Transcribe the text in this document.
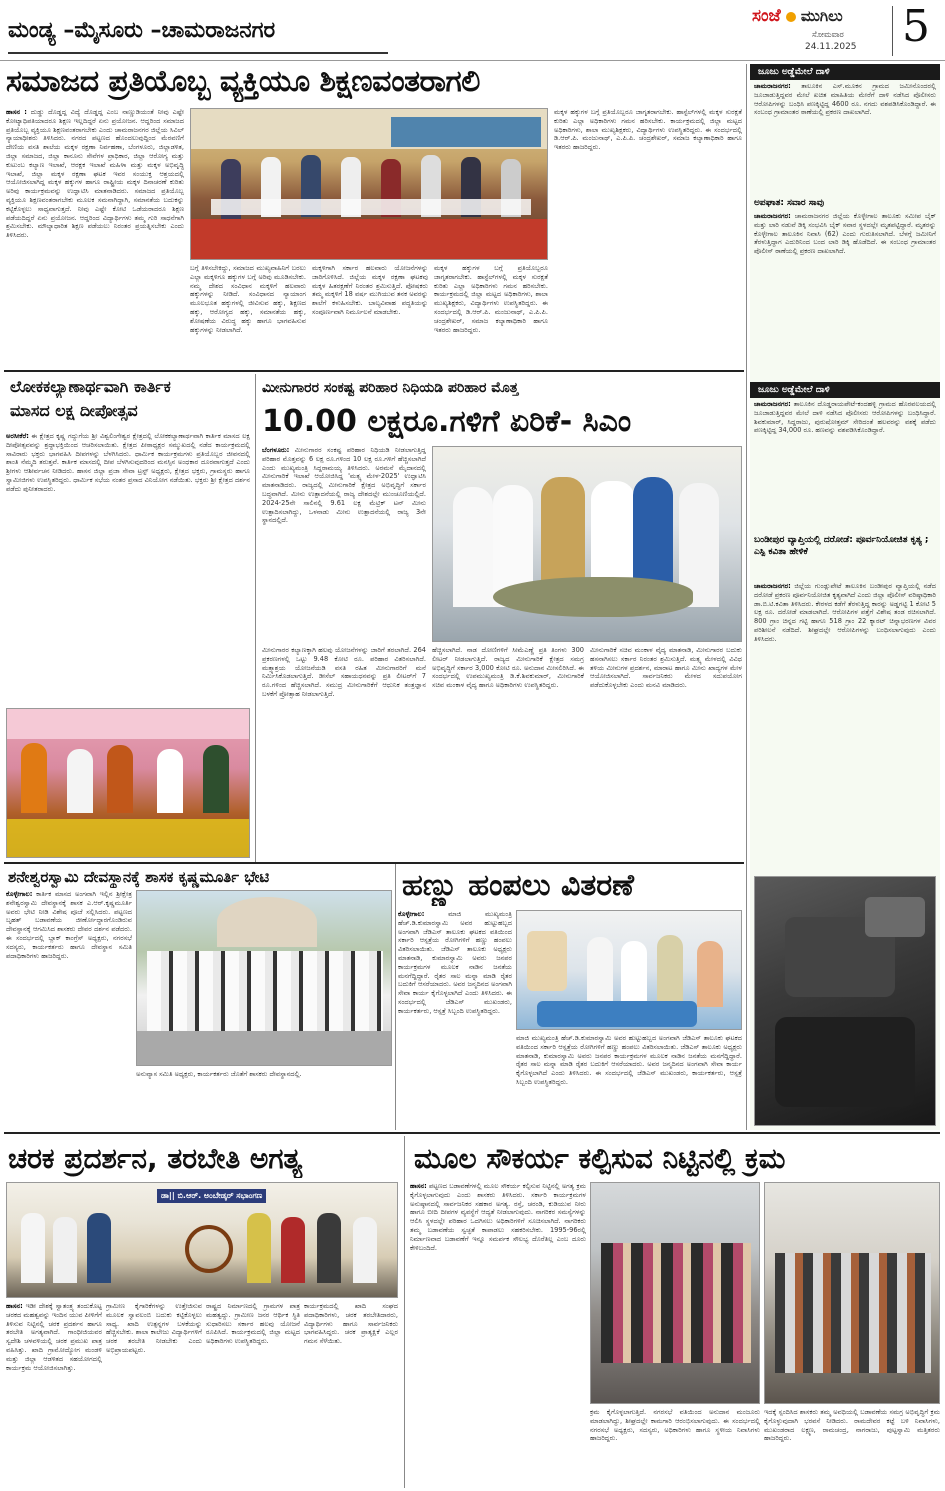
ಮಂಡ್ಯ –ಮೈಸೂರು –ಚಾಮರಾಜನಗರ
ಸಂಜೆ ಮುಗಿಲು
ಸೋಮವಾರ
24.11.2025 5
ಸಮಾಜದ ಪ್ರತಿಯೊಬ್ಬ ವ್ಯಕ್ತಿಯೂ ಶಿಕ್ಷಣವಂತರಾಗಲಿ
ಹಾಸನ : ದುಡ್ಡು ದೊಡ್ಡದ್ದ ವಿದ್ಯೆ ದೊಡ್ಡದ್ದ ಎಂಬ ನಾಣ್ಣುಡಿಯಂತೆ ನೀವು ಎಷ್ಟೇ ಕೋಟ್ಯಾಧಿಪತಿಯಾದರೂ ಶಿಕ್ಷಣ ಇಲ್ಲದಿದ್ದರೆ ಏನು ಪ್ರಯೋಜನ. ಆದ್ದರಿಂದ ಸಮಾಜದ ಪ್ರತಿಯೊಬ್ಬ ವ್ಯಕ್ತಿಯೂ ಶಿಕ್ಷಣವಂತರಾಗಬೇಕು ಎಂದು ಚಾಮರಾಜನಗರ ಜಿಲ್ಲೆಯ ಸಿವಿಲ್ ನ್ಯಾಯಾಧೀಶರು ತಿಳಿಸಿದರು. ನಗರದ ಪಟ್ಟಣದ ಹೊಂದಲುವುದ್ದಿಂದ ಮೆರವಣಿಗೆ ದೇಣಿಯ ವಸತಿ ಶಾಲೆಯ ಮಕ್ಕಳ ರಕ್ಷಣಾ ನಿರ್ವಹಣಾ, ಬೆಂಗಳೂರು, ಜಿಲ್ಲಾಡಳಿತ, ಜಿಲ್ಲಾ ಸಮಾಜದ, ಜಿಲ್ಲಾ ಕಾನೂನು ಸೇವೆಗಳ ಪ್ರಾಧಿಕಾರ, ಜಿಲ್ಲಾ ಆರೋಗ್ಯ ಮತ್ತು ಕುಟುಂಬ ಕಲ್ಯಾಣ ಇಲಾಖೆ, ಆರಕ್ಷಕ ಇಲಾಖೆ ಮಹಿಳಾ ಮತ್ತು ಮಕ್ಕಳ ಅಭಿವೃದ್ಧಿ ಇಲಾಖೆ, ಜಿಲ್ಲಾ ಮಕ್ಕಳ ರಕ್ಷಣಾ ಘಟಕ ಇವರ ಸಂಯುಕ್ತ ಆಶ್ರಯದಲ್ಲಿ ಆಯೋಜಿಸಲಾಗಿದ್ದ ಮಕ್ಕಳ ಹಕ್ಕುಗಳ ಹಾಗೂ ರಾಷ್ಟ್ರೀಯ ಮಕ್ಕಳ ದಿನಾಚರಣೆ ಕುರಿತು ಅರಿವು ಕಾರ್ಯಕ್ರಮವನ್ನು ಉದ್ಘಾಟಿಸಿ ಮಾತನಾಡಿದರು. ಸಮಾಜದ ಪ್ರತಿಯೊಬ್ಬ ವ್ಯಕ್ತಿಯೂ ಶಿಕ್ಷಣವಂತರಾಗಬೇಕು ಮೂಲಕ ಸಮನಾಗಿದ್ದಾಗಿ, ಸಮಾನತೆಯ ಬದುಕನ್ನು ಕಟ್ಟಿಕೊಳ್ಳಲು ಸಾಧ್ಯವಾಗುತ್ತದೆ. ನೀವು ಎಷ್ಟೇ ಕೋಟಿ ಒಡೆಯರಾದರೂ ಶಿಕ್ಷಣ ಪಡೆಯದಿದ್ದರೆ ಏನು ಪ್ರಯೋಜನ. ಆದ್ದರಿಂದ ವಿದ್ಯಾರ್ಥಿಗಳು ತಮ್ಮ ಗುರಿ ಸಾಧನೆಗಾಗಿ ಶ್ರಮಿಸಬೇಕು. ಮೌಲ್ಯಾಧಾರಿತ ಶಿಕ್ಷಣ ಪಡೆಯಲು ನಿರಂತರ ಪ್ರಯತ್ನಿಸಬೇಕು ಎಂದು ತಿಳಿಸಿದರು.
ಬಗ್ಗೆ ತಿಳಿಸಬೇಕಿದ್ದು, ಸಮಾಜದ ಮುಖ್ಯವಾಹಿನಿಗೆ ಬರಲು ಎಲ್ಲಾ ಮಕ್ಕಳಿಗೂ ಹಕ್ಕುಗಳ ಬಗ್ಗೆ ಅರಿವು ಮೂಡಿಸಬೇಕು. ನಮ್ಮ ದೇಶದ ಸಂವಿಧಾನ ಮಕ್ಕಳಿಗೆ ಹಲವಾರು ಹಕ್ಕುಗಳನ್ನು ನೀಡಿದೆ. ಸಂವಿಧಾನದ ನ್ಯಾಯಾಂಗ ಮೂಲಭೂತ ಹಕ್ಕುಗಳಲ್ಲಿ ಜೀವಿಸುವ ಹಕ್ಕು, ಶಿಕ್ಷಣದ ಹಕ್ಕು, ಆರೋಗ್ಯದ ಹಕ್ಕು, ಸಮಾನತೆಯ ಹಕ್ಕು, ಶೋಷಣೆಯ ವಿರುದ್ಧ ಹಕ್ಕು ಹಾಗೂ ಭಾಗವಹಿಸುವ ಹಕ್ಕುಗಳನ್ನು ನೀಡಲಾಗಿದೆ.
ಮಕ್ಕಳಿಗಾಗಿ ಸರ್ಕಾರ ಹಲವಾರು ಯೋಜನೆಗಳನ್ನು ಜಾರಿಗೊಳಿಸಿದೆ. ಜಿಲ್ಲೆಯ ಮಕ್ಕಳ ರಕ್ಷಣಾ ಘಟಕವು ಮಕ್ಕಳ ಹಿತರಕ್ಷಣೆಗೆ ನಿರಂತರ ಶ್ರಮಿಸುತ್ತಿದೆ. ಪೋಷಕರು ತಮ್ಮ ಮಕ್ಕಳಿಗೆ 18 ವರ್ಷ ಮುಗಿಯುವ ತನಕ ಅವರನ್ನು ಶಾಲೆಗೆ ಕಳುಹಿಸಬೇಕು. ಬಾಲ್ಯವಿವಾಹ ಪದ್ಧತಿಯನ್ನು ಸಂಪೂರ್ಣವಾಗಿ ನಿರ್ಮೂಲನೆ ಮಾಡಬೇಕು.
ಮಕ್ಕಳ ಹಕ್ಕುಗಳ ಬಗ್ಗೆ ಪ್ರತಿಯೊಬ್ಬರೂ ಜಾಗೃತರಾಗಬೇಕು. ಹಾಸ್ಟೆಲ್‌ಗಳಲ್ಲಿ ಮಕ್ಕಳ ಸುರಕ್ಷತೆ ಕುರಿತು ಎಲ್ಲಾ ಅಧಿಕಾರಿಗಳು ಗಮನ ಹರಿಸಬೇಕು. ಕಾರ್ಯಕ್ರಮದಲ್ಲಿ ಜಿಲ್ಲಾ ಮಟ್ಟದ ಅಧಿಕಾರಿಗಳು, ಶಾಲಾ ಮುಖ್ಯಶಿಕ್ಷಕರು, ವಿದ್ಯಾರ್ಥಿಗಳು ಉಪಸ್ಥಿತರಿದ್ದರು. ಈ ಸಂದರ್ಭದಲ್ಲಿ ಡಿ.ಆರ್.ಪಿ. ಮಂಜುನಾಥ್, ಎ.ಪಿ.ಪಿ. ಚಂದ್ರಶೇಖರ್, ಸಮಾಜ ಕಲ್ಯಾಣಾಧಿಕಾರಿ ಹಾಗೂ ಇತರರು ಹಾಜರಿದ್ದರು.
ಮಕ್ಕಳ ಹಕ್ಕುಗಳ ಬಗ್ಗೆ ಪ್ರತಿಯೊಬ್ಬರೂ ಜಾಗೃತರಾಗಬೇಕು. ಹಾಸ್ಟೆಲ್‌ಗಳಲ್ಲಿ ಮಕ್ಕಳ ಸುರಕ್ಷತೆ ಕುರಿತು ಎಲ್ಲಾ ಅಧಿಕಾರಿಗಳು ಗಮನ ಹರಿಸಬೇಕು. ಕಾರ್ಯಕ್ರಮದಲ್ಲಿ ಜಿಲ್ಲಾ ಮಟ್ಟದ ಅಧಿಕಾರಿಗಳು, ಶಾಲಾ ಮುಖ್ಯಶಿಕ್ಷಕರು, ವಿದ್ಯಾರ್ಥಿಗಳು ಉಪಸ್ಥಿತರಿದ್ದರು. ಈ ಸಂದರ್ಭದಲ್ಲಿ ಡಿ.ಆರ್.ಪಿ. ಮಂಜುನಾಥ್, ಎ.ಪಿ.ಪಿ. ಚಂದ್ರಶೇಖರ್, ಸಮಾಜ ಕಲ್ಯಾಣಾಧಿಕಾರಿ ಹಾಗೂ ಇತರರು ಹಾಜರಿದ್ದರು.
ಲೋಕಕಲ್ಯಾಣಾರ್ಥವಾಗಿ ಕಾರ್ತಿಕ
ಮಾಸದ ಲಕ್ಷ ದೀಪೋತ್ಸವ
ಅರಸೀಕೆರೆ: ಈ ಕ್ಷೇತ್ರದ ಕೃಷ್ಣ ಗದ್ದುಗೆಯ ಶ್ರೀ ವಿಶ್ವಲಿಂಗೇಶ್ವರ ಕ್ಷೇತ್ರದಲ್ಲಿ ಲೋಕಕಲ್ಯಾಣಾರ್ಥವಾಗಿ ಕಾರ್ತಿಕ ಮಾಸದ ಲಕ್ಷ ದೀಪೋತ್ಸವವನ್ನು ಶ್ರದ್ಧಾಭಕ್ತಿಯಿಂದ ಆಚರಿಸಲಾಯಿತು. ಕ್ಷೇತ್ರದ ಪೀಠಾಧ್ಯಕ್ಷರ ಸಮ್ಮುಖದಲ್ಲಿ ನಡೆದ ಕಾರ್ಯಕ್ರಮದಲ್ಲಿ ಸಾವಿರಾರು ಭಕ್ತರು ಭಾಗವಹಿಸಿ ದೀಪಗಳನ್ನು ಬೆಳಗಿಸಿದರು. ಧಾರ್ಮಿಕ ಕಾರ್ಯಕ್ರಮಗಳು ಪ್ರತಿಯೊಬ್ಬರ ಜೀವನದಲ್ಲಿ ಶಾಂತಿ ನೆಮ್ಮದಿ ತರುತ್ತವೆ. ಕಾರ್ತಿಕ ಮಾಸದಲ್ಲಿ ದೀಪ ಬೆಳಗಿಸುವುದರಿಂದ ಮನಸ್ಸಿನ ಅಂಧಕಾರ ದೂರವಾಗುತ್ತದೆ ಎಂದು ಶ್ರೀಗಳು ಆಶೀರ್ವಚನ ನೀಡಿದರು. ಹಾಸನ ಜಿಲ್ಲಾ ಪ್ರಜಾ ಸೇವಾ ಟ್ರಸ್ಟ್ ಅಧ್ಯಕ್ಷರು, ಕ್ಷೇತ್ರದ ಭಕ್ತರು, ಗ್ರಾಮಸ್ಥರು ಹಾಗೂ ಸ್ವಾಮೀಜಿಗಳು ಉಪಸ್ಥಿತರಿದ್ದರು. ಧಾರ್ಮಿಕ ಸಭೆಯ ನಂತರ ಪ್ರಸಾದ ವಿನಿಯೋಗ ನಡೆಯಿತು. ಭಕ್ತರು ಶ್ರೀ ಕ್ಷೇತ್ರದ ದರ್ಶನ ಪಡೆದು ಪುನೀತರಾದರು.
ಮೀನುಗಾರರ ಸಂಕಷ್ಟ ಪರಿಹಾರ ನಿಧಿಯಡಿ ಪರಿಹಾರ ಮೊತ್ತ
10.00 ಲಕ್ಷರೂ.ಗಳಿಗೆ ಏರಿಕೆ- ಸಿಎಂ
ಬೆಂಗಳೂರು: ಮೀನುಗಾರರ ಸಂಕಷ್ಟ ಪರಿಹಾರ ನಿಧಿಯಡಿ ನೀಡಲಾಗುತ್ತಿದ್ದ ಪರಿಹಾರ ಮೊತ್ತವನ್ನು 6 ಲಕ್ಷ ರೂ.ಗಳಿಂದ 10 ಲಕ್ಷ ರೂ.ಗಳಿಗೆ ಹೆಚ್ಚಿಸಲಾಗಿದೆ ಎಂದು ಮುಖ್ಯಮಂತ್ರಿ ಸಿದ್ದರಾಮಯ್ಯ ತಿಳಿಸಿದರು. ಅರಮನೆ ಮೈದಾನದಲ್ಲಿ ಮೀನುಗಾರಿಕೆ ಇಲಾಖೆ ಆಯೋಜಿಸಿದ್ದ 'ಮತ್ಸ್ಯ ಮೇಳ-2025' ಉದ್ಘಾಟಿಸಿ ಮಾತನಾಡಿದರು. ರಾಜ್ಯದಲ್ಲಿ ಮೀನುಗಾರಿಕೆ ಕ್ಷೇತ್ರದ ಅಭಿವೃದ್ಧಿಗೆ ಸರ್ಕಾರ ಬದ್ಧವಾಗಿದೆ. ಮೀನು ಉತ್ಪಾದನೆಯಲ್ಲಿ ರಾಜ್ಯ ದೇಶದಲ್ಲೇ ಮುಂಚೂಣಿಯಲ್ಲಿದೆ. 2024-25ನೇ ಸಾಲಿನಲ್ಲಿ 9.61 ಲಕ್ಷ ಮೆಟ್ರಿಕ್ ಟನ್ ಮೀನು ಉತ್ಪಾದಿಸಲಾಗಿದ್ದು, ಒಳನಾಡು ಮೀನು ಉತ್ಪಾದನೆಯಲ್ಲಿ ರಾಜ್ಯ 3ನೇ ಸ್ಥಾನದಲ್ಲಿದೆ.
ಮೀನುಗಾರರ ಕಲ್ಯಾಣಕ್ಕಾಗಿ ಹಲವು ಯೋಜನೆಗಳನ್ನು ಜಾರಿಗೆ ತರಲಾಗಿದೆ. 264 ಪ್ರಕರಣಗಳಲ್ಲಿ ಒಟ್ಟು 9.48 ಕೋಟಿ ರೂ. ಪರಿಹಾರ ವಿತರಿಸಲಾಗಿದೆ. ಮತ್ಸ್ಯಾಶ್ರಯ ಯೋಜನೆಯಡಿ ವಸತಿ ರಹಿತ ಮೀನುಗಾರರಿಗೆ ಮನೆ ನಿರ್ಮಿಸಿಕೊಡಲಾಗುತ್ತಿದೆ. ಡೀಸೆಲ್ ಸಹಾಯಧನವನ್ನು ಪ್ರತಿ ಲೀಟರ್‌ಗೆ 7 ರೂ.ಗಳಿಂದ ಹೆಚ್ಚಿಸಲಾಗಿದೆ. ಸಮುದ್ರ ಮೀನುಗಾರಿಕೆಗೆ ಆಧುನಿಕ ತಂತ್ರಜ್ಞಾನ ಬಳಕೆಗೆ ಪ್ರೋತ್ಸಾಹ ನೀಡಲಾಗುತ್ತಿದೆ.
ಹೆಚ್ಚಿಸಲಾಗಿದೆ. ನಾಡ ದೋಣಿಗಳಿಗೆ ಸೀಮೆಎಣ್ಣೆ ಪ್ರತಿ ತಿಂಗಳು 300 ಲೀಟರ್ ನೀಡಲಾಗುತ್ತಿದೆ. ರಾಜ್ಯದ ಮೀನುಗಾರಿಕೆ ಕ್ಷೇತ್ರದ ಸಮಗ್ರ ಅಭಿವೃದ್ಧಿಗೆ ಸರ್ಕಾರ 3,000 ಕೋಟಿ ರೂ. ಅನುದಾನ ಮೀಸಲಿರಿಸಿದೆ. ಈ ಸಂದರ್ಭದಲ್ಲಿ ಉಪಮುಖ್ಯಮಂತ್ರಿ ಡಿ.ಕೆ.ಶಿವಕುಮಾರ್, ಮೀನುಗಾರಿಕೆ ಸಚಿವ ಮಂಕಾಳ ವೈದ್ಯ ಹಾಗೂ ಅಧಿಕಾರಿಗಳು ಉಪಸ್ಥಿತರಿದ್ದರು.
ಮೀನುಗಾರಿಕೆ ಸಚಿವ ಮಂಕಾಳ ವೈದ್ಯ ಮಾತನಾಡಿ, ಮೀನುಗಾರರ ಬದುಕು ಹಸನಾಗಿಸಲು ಸರ್ಕಾರ ನಿರಂತರ ಶ್ರಮಿಸುತ್ತಿದೆ. ಮತ್ಸ್ಯ ಮೇಳದಲ್ಲಿ ವಿವಿಧ ತಳಿಯ ಮೀನುಗಳ ಪ್ರದರ್ಶನ, ಮಾರಾಟ ಹಾಗೂ ಮೀನು ಖಾದ್ಯಗಳ ಮೇಳ ಆಯೋಜಿಸಲಾಗಿದೆ. ಸಾರ್ವಜನಿಕರು ಮೇಳದ ಸದುಪಯೋಗ ಪಡೆದುಕೊಳ್ಳಬೇಕು ಎಂದು ಮನವಿ ಮಾಡಿದರು.
ಜೂಜು ಅಡ್ಡೆಮೇಲೆ ದಾಳಿ
ಚಾಮರಾಜನಗರ: ತಾಲೂಕಿನ ಎಸ್.ಮೂಕನ ಗ್ರಾಮದ ಜಮೀನೊಂದರಲ್ಲಿ ಜೂಜಾಡುತ್ತಿದ್ದವರ ಮೇಲೆ ಖಚಿತ ಮಾಹಿತಿಯ ಮೇರೆಗೆ ದಾಳಿ ನಡೆಸಿದ ಪೊಲೀಸರು ಆರೋಪಿಗಳನ್ನು ಬಂಧಿಸಿ ಪಣಕ್ಕಿಟ್ಟಿದ್ದ 4600 ರೂ. ನಗದು ವಶಪಡಿಸಿಕೊಂಡಿದ್ದಾರೆ. ಈ ಸಂಬಂಧ ಗ್ರಾಮಾಂತರ ಠಾಣೆಯಲ್ಲಿ ಪ್ರಕರಣ ದಾಖಲಾಗಿದೆ.
ಅಪಘಾತ: ಸವಾರ ಸಾವು
ಚಾಮರಾಜನಗರ: ಚಾಮರಾಜನಗರ ಜಿಲ್ಲೆಯ ಕೊಳ್ಳೇಗಾಲ ತಾಲೂಕು ಸಮೀಪ ಬೈಕ್ ಮತ್ತು ಲಾರಿ ನಡುವೆ ಡಿಕ್ಕಿ ಸಂಭವಿಸಿ ಬೈಕ್ ಸವಾರ ಸ್ಥಳದಲ್ಲೇ ಮೃತಪಟ್ಟಿದ್ದಾರೆ. ಮೃತರನ್ನು ಕೊಳ್ಳೇಗಾಲ ತಾಲೂಕಿನ ನಿವಾಸಿ (62) ಎಂದು ಗುರುತಿಸಲಾಗಿದೆ. ಬೆಳಗ್ಗೆ ಜಮೀನಿಗೆ ತೆರಳುತ್ತಿದ್ದಾಗ ಎದುರಿನಿಂದ ಬಂದ ಲಾರಿ ಡಿಕ್ಕಿ ಹೊಡೆದಿದೆ. ಈ ಸಂಬಂಧ ಗ್ರಾಮಾಂತರ ಪೊಲೀಸ್ ಠಾಣೆಯಲ್ಲಿ ಪ್ರಕರಣ ದಾಖಲಾಗಿದೆ.
ಜೂಜು ಅಡ್ಡೆಮೇಲೆ ದಾಳಿ
ಚಾಮರಾಜನಗರ: ತಾಲೂಕಿನ ದೊಡ್ಡರಾಯಪೇಟೆ-ಕಂದಹಳ್ಳಿ ಗ್ರಾಮದ ಹೊರವಲಯದಲ್ಲಿ ಜೂಜಾಡುತ್ತಿದ್ದವರ ಮೇಲೆ ದಾಳಿ ನಡೆಸಿದ ಪೊಲೀಸರು ಆರೋಪಿಗಳನ್ನು ಬಂಧಿಸಿದ್ದಾರೆ. ಶಿವಕುಮಾರ್, ಸಿದ್ದರಾಜು, ಪುರುಷೋತ್ತಮ್ ಸೇರಿದಂತೆ ಹಲವರನ್ನು ವಶಕ್ಕೆ ಪಡೆದು ಪಣಕ್ಕಿಟ್ಟಿದ್ದ 34,000 ರೂ. ಹಣವನ್ನು ವಶಪಡಿಸಿಕೊಂಡಿದ್ದಾರೆ.
ಬಂಡೀಪುರ ವ್ಯಾಪ್ತಿಯಲ್ಲಿ ದರೋಡೆ: ಪೂರ್ವನಿಯೋಜಿತ ಕೃತ್ಯ ; ಎಸ್ಪಿ ಕವಿತಾ ಹೇಳಿಕೆ
ಚಾಮರಾಜನಗರ: ಜಿಲ್ಲೆಯ ಗುಂಡ್ಲುಪೇಟೆ ತಾಲೂಕಿನ ಬಂಡೀಪುರ ವ್ಯಾಪ್ತಿಯಲ್ಲಿ ನಡೆದ ದರೋಡೆ ಪ್ರಕರಣ ಪೂರ್ವನಿಯೋಜಿತ ಕೃತ್ಯವಾಗಿದೆ ಎಂದು ಜಿಲ್ಲಾ ಪೊಲೀಸ್ ವರಿಷ್ಠಾಧಿಕಾರಿ ಡಾ.ಬಿ.ಟಿ.ಕವಿತಾ ತಿಳಿಸಿದರು. ಕೇರಳದ ಕಡೆಗೆ ತೆರಳುತ್ತಿದ್ದ ಕಾರನ್ನು ಅಡ್ಡಗಟ್ಟಿ 1 ಕೋಟಿ 5 ಲಕ್ಷ ರೂ. ದರೋಡೆ ಮಾಡಲಾಗಿದೆ. ಆರೋಪಿಗಳ ಪತ್ತೆಗೆ ವಿಶೇಷ ತಂಡ ರಚಿಸಲಾಗಿದೆ. 800 ಗ್ರಾಂ ಚಿನ್ನದ ಗಟ್ಟಿ ಹಾಗೂ 518 ಗ್ರಾಂ 22 ಕ್ಯಾರಟ್ ಚಿನ್ನಾಭರಣಗಳ ವಿವರ ಪರಿಶೀಲನೆ ನಡೆದಿದೆ. ಶೀಘ್ರದಲ್ಲೇ ಆರೋಪಿಗಳನ್ನು ಬಂಧಿಸಲಾಗುವುದು ಎಂದು ತಿಳಿಸಿದರು.
ಶನೇಶ್ವರಸ್ವಾಮಿ ದೇವಸ್ಥಾನಕ್ಕೆ ಶಾಸಕ ಕೃಷ್ಣಮೂರ್ತಿ ಭೇಟಿ
ಕೊಳ್ಳೇಗಾಲ: ಕಾರ್ತಿಕ ಮಾಸದ ಅಂಗವಾಗಿ ಇಲ್ಲಿನ ಶ್ರೀಕ್ಷೇತ್ರ ಶನೇಶ್ವರಸ್ವಾಮಿ ದೇವಸ್ಥಾನಕ್ಕೆ ಶಾಸಕ ಎ.ಆರ್.ಕೃಷ್ಣಮೂರ್ತಿ ಅವರು ಭೇಟಿ ನೀಡಿ ವಿಶೇಷ ಪೂಜೆ ಸಲ್ಲಿಸಿದರು. ಪಟ್ಟಣದ ಬೃಹತ್ ಬಡಾವಣೆಯ ಜೀರ್ಣೋದ್ಧಾರಗೊಂಡಿರುವ ದೇವಸ್ಥಾನಕ್ಕೆ ಆಗಮಿಸಿದ ಶಾಸಕರು ದೇವರ ದರ್ಶನ ಪಡೆದರು. ಈ ಸಂದರ್ಭದಲ್ಲಿ ಬ್ಲಾಕ್ ಕಾಂಗ್ರೆಸ್ ಅಧ್ಯಕ್ಷರು, ನಗರಸಭೆ ಸದಸ್ಯರು, ಕಾರ್ಯಕರ್ತರು ಹಾಗೂ ದೇವಸ್ಥಾನ ಸಮಿತಿ ಪದಾಧಿಕಾರಿಗಳು ಹಾಜರಿದ್ದರು.
ಅನುವ್ಯಾಸ ಸಮಿತಿ ಅಧ್ಯಕ್ಷರು, ಕಾರ್ಯಕರ್ತರು ಜೊತೆಗೆ ಶಾಸಕರು ದೇವಸ್ಥಾನದಲ್ಲಿ.
ಹಣ್ಣು ಹಂಪಲು ವಿತರಣೆ
ಕೊಳ್ಳೇಗಾಲ:	ಮಾಜಿ ಮುಖ್ಯಮಂತ್ರಿ ಹೆಚ್.ಡಿ.ಕುಮಾರಸ್ವಾಮಿ ಅವರ ಹುಟ್ಟುಹಬ್ಬದ ಅಂಗವಾಗಿ ಜೆಡಿಎಸ್ ತಾಲೂಕು ಘಟಕದ ವತಿಯಿಂದ ಸರ್ಕಾರಿ ಆಸ್ಪತ್ರೆಯ ರೋಗಿಗಳಿಗೆ ಹಣ್ಣು ಹಂಪಲು ವಿತರಿಸಲಾಯಿತು. ಜೆಡಿಎಸ್ ತಾಲೂಕು ಅಧ್ಯಕ್ಷರು ಮಾತನಾಡಿ, ಕುಮಾರಸ್ವಾಮಿ ಅವರು ಜನಪರ ಕಾರ್ಯಕ್ರಮಗಳ ಮೂಲಕ ನಾಡಿನ ಜನತೆಯ ಮನಗೆದ್ದಿದ್ದಾರೆ. ರೈತರ ಸಾಲ ಮನ್ನಾ ಮಾಡಿ ರೈತರ ಬದುಕಿಗೆ ಆಸರೆಯಾದರು. ಅವರ ಜನ್ಮದಿನದ ಅಂಗವಾಗಿ ಸೇವಾ ಕಾರ್ಯ ಕೈಗೊಳ್ಳಲಾಗಿದೆ ಎಂದು ತಿಳಿಸಿದರು. ಈ ಸಂದರ್ಭದಲ್ಲಿ ಜೆಡಿಎಸ್ ಮುಖಂಡರು, ಕಾರ್ಯಕರ್ತರು, ಆಸ್ಪತ್ರೆ ಸಿಬ್ಬಂದಿ ಉಪಸ್ಥಿತರಿದ್ದರು.
ಮಾಜಿ ಮುಖ್ಯಮಂತ್ರಿ ಹೆಚ್.ಡಿ.ಕುಮಾರಸ್ವಾಮಿ ಅವರ ಹುಟ್ಟುಹಬ್ಬದ ಅಂಗವಾಗಿ ಜೆಡಿಎಸ್ ತಾಲೂಕು ಘಟಕದ ವತಿಯಿಂದ ಸರ್ಕಾರಿ ಆಸ್ಪತ್ರೆಯ ರೋಗಿಗಳಿಗೆ ಹಣ್ಣು ಹಂಪಲು ವಿತರಿಸಲಾಯಿತು. ಜೆಡಿಎಸ್ ತಾಲೂಕು ಅಧ್ಯಕ್ಷರು ಮಾತನಾಡಿ, ಕುಮಾರಸ್ವಾಮಿ ಅವರು ಜನಪರ ಕಾರ್ಯಕ್ರಮಗಳ ಮೂಲಕ ನಾಡಿನ ಜನತೆಯ ಮನಗೆದ್ದಿದ್ದಾರೆ. ರೈತರ ಸಾಲ ಮನ್ನಾ ಮಾಡಿ ರೈತರ ಬದುಕಿಗೆ ಆಸರೆಯಾದರು. ಅವರ ಜನ್ಮದಿನದ ಅಂಗವಾಗಿ ಸೇವಾ ಕಾರ್ಯ ಕೈಗೊಳ್ಳಲಾಗಿದೆ ಎಂದು ತಿಳಿಸಿದರು. ಈ ಸಂದರ್ಭದಲ್ಲಿ ಜೆಡಿಎಸ್ ಮುಖಂಡರು, ಕಾರ್ಯಕರ್ತರು, ಆಸ್ಪತ್ರೆ ಸಿಬ್ಬಂದಿ ಉಪಸ್ಥಿತರಿದ್ದರು.
ಚರಕ ಪ್ರದರ್ಶನ, ತರಬೇತಿ ಅಗತ್ಯ
ಡಾ|| ಬಿ.ಆರ್. ಅಂಬೇಡ್ಕರ್ ಸಭಾಂಗಣ
ಹಾಸನ: ಇಡೀ ದೇಶಕ್ಕೆ ಸ್ವಾತಂತ್ರ್ಯ ತಂದುಕೊಟ್ಟ ಚರಕದ ಮಹತ್ವವನ್ನು ಇಂದಿನ ಯುವ ಪೀಳಿಗೆಗೆ ತಿಳಿಸುವ ನಿಟ್ಟಿನಲ್ಲಿ ಚರಕ ಪ್ರದರ್ಶನ ಹಾಗೂ ತರಬೇತಿ ಅಗತ್ಯವಾಗಿದೆ. ಗಾಂಧೀಜಿಯವರ ಸ್ವದೇಶಿ ಚಳವಳಿಯಲ್ಲಿ ಚರಕ ಪ್ರಮುಖ ಪಾತ್ರ ವಹಿಸಿತ್ತು. ಖಾದಿ ಗ್ರಾಮೋದ್ಯೋಗ ಮಂಡಳಿ ಮತ್ತು ಜಿಲ್ಲಾ ಆಡಳಿತದ ಸಹಯೋಗದಲ್ಲಿ ಕಾರ್ಯಕ್ರಮ ಆಯೋಜಿಸಲಾಗಿತ್ತು.
ಗ್ರಾಮೀಣ ಕೈಗಾರಿಕೆಗಳನ್ನು ಉತ್ತೇಜಿಸುವ ಮೂಲಕ ಸ್ವಾವಲಂಬಿ ಬದುಕು ಕಟ್ಟಿಕೊಳ್ಳಲು ಸಾಧ್ಯ. ಖಾದಿ ಉತ್ಪನ್ನಗಳ ಬಳಕೆಯನ್ನು ಹೆಚ್ಚಿಸಬೇಕು. ಶಾಲಾ ಕಾಲೇಜು ವಿದ್ಯಾರ್ಥಿಗಳಿಗೆ ಚರಕ ತರಬೇತಿ ನೀಡಬೇಕು ಎಂದು ಅಭಿಪ್ರಾಯಪಟ್ಟರು.
ರಾಷ್ಟ್ರದ ನಿರ್ಮಾಣದಲ್ಲಿ ಗ್ರಾಮಗಳ ಪಾತ್ರ ಮಹತ್ವದ್ದು. ಗ್ರಾಮೀಣ ಜನರ ಆರ್ಥಿಕ ಸ್ಥಿತಿ ಸುಧಾರಿಸಲು ಸರ್ಕಾರ ಹಲವು ಯೋಜನೆ ರೂಪಿಸಿದೆ. ಕಾರ್ಯಕ್ರಮದಲ್ಲಿ ಜಿಲ್ಲಾ ಮಟ್ಟದ ಅಧಿಕಾರಿಗಳು ಉಪಸ್ಥಿತರಿದ್ದರು.
ಕಾರ್ಯಕ್ರಮದಲ್ಲಿ ಖಾದಿ ಸಂಘದ ಪದಾಧಿಕಾರಿಗಳು, ಚರಕ ತರಬೇತಿದಾರರು, ವಿದ್ಯಾರ್ಥಿಗಳು ಹಾಗೂ ಸಾರ್ವಜನಿಕರು ಭಾಗವಹಿಸಿದ್ದರು. ಚರಕ ಪ್ರಾತ್ಯಕ್ಷಿಕೆ ಎಲ್ಲರ ಗಮನ ಸೆಳೆಯಿತು.
ಮೂಲ ಸೌಕರ್ಯ ಕಲ್ಪಿಸುವ ನಿಟ್ಟಿನಲ್ಲಿ ಕ್ರಮ
ಹಾಸನ: ಪಟ್ಟಣದ ಬಡಾವಣೆಗಳಲ್ಲಿ ಮೂಲ ಸೌಕರ್ಯ ಕಲ್ಪಿಸುವ ನಿಟ್ಟಿನಲ್ಲಿ ಅಗತ್ಯ ಕ್ರಮ ಕೈಗೊಳ್ಳಲಾಗುವುದು ಎಂದು ಶಾಸಕರು ತಿಳಿಸಿದರು. ಸರ್ಕಾರಿ ಕಾರ್ಯಕ್ರಮಗಳ ಅನುಷ್ಠಾನದಲ್ಲಿ ಸಾರ್ವಜನಿಕರ ಸಹಕಾರ ಅಗತ್ಯ. ರಸ್ತೆ, ಚರಂಡಿ, ಕುಡಿಯುವ ನೀರು ಹಾಗೂ ಬೀದಿ ದೀಪಗಳ ವ್ಯವಸ್ಥೆಗೆ ಆದ್ಯತೆ ನೀಡಲಾಗುವುದು. ನಾಗರಿಕರ ಸಮಸ್ಯೆಗಳನ್ನು ಆಲಿಸಿ ಸ್ಥಳದಲ್ಲೇ ಪರಿಹಾರ ಒದಗಿಸಲು ಅಧಿಕಾರಿಗಳಿಗೆ ಸೂಚಿಸಲಾಗಿದೆ. ನಾಗರಿಕರು ತಮ್ಮ ಬಡಾವಣೆಯ ಸ್ವಚ್ಛತೆ ಕಾಪಾಡಲು ಸಹಕರಿಸಬೇಕು. 1995-96ರಲ್ಲಿ ನಿರ್ಮಾಣವಾದ ಬಡಾವಣೆಗೆ ಇನ್ನೂ ಸಮರ್ಪಕ ಸೌಲಭ್ಯ ದೊರೆತಿಲ್ಲ ಎಂಬ ದೂರು ಕೇಳಿಬಂದಿದೆ.
ಕ್ರಮ ಕೈಗೊಳ್ಳಲಾಗುತ್ತಿದೆ. ನಗರಸಭೆ ವತಿಯಿಂದ ಅನುದಾನ ಮಂಜೂರು ಮಾಡಲಾಗಿದ್ದು, ಶೀಘ್ರದಲ್ಲೇ ಕಾಮಗಾರಿ ಆರಂಭಿಸಲಾಗುವುದು. ಈ ಸಂದರ್ಭದಲ್ಲಿ ನಗರಸಭೆ ಅಧ್ಯಕ್ಷರು, ಸದಸ್ಯರು, ಅಧಿಕಾರಿಗಳು ಹಾಗೂ ಸ್ಥಳೀಯ ನಿವಾಸಿಗಳು ಹಾಜರಿದ್ದರು.
ಇದಕ್ಕೆ ಸ್ಪಂದಿಸಿದ ಶಾಸಕರು ತಮ್ಮ ಅವಧಿಯಲ್ಲಿ ಬಡಾವಣೆಯ ಸಮಗ್ರ ಅಭಿವೃದ್ಧಿಗೆ ಕ್ರಮ ಕೈಗೊಳ್ಳುವುದಾಗಿ ಭರವಸೆ ನೀಡಿದರು. ರಾಮದೇವರ ಕಟ್ಟೆ ಬಳಿ ನಿವಾಸಿಗಳು, ಮುಖಂಡರಾದ ಲಕ್ಷ್ಮಣ, ರಾಮಚಂದ್ರ, ನಾಗರಾಜು, ಪುಟ್ಟಸ್ವಾಮಿ ಮತ್ತಿತರರು ಹಾಜರಿದ್ದರು.
